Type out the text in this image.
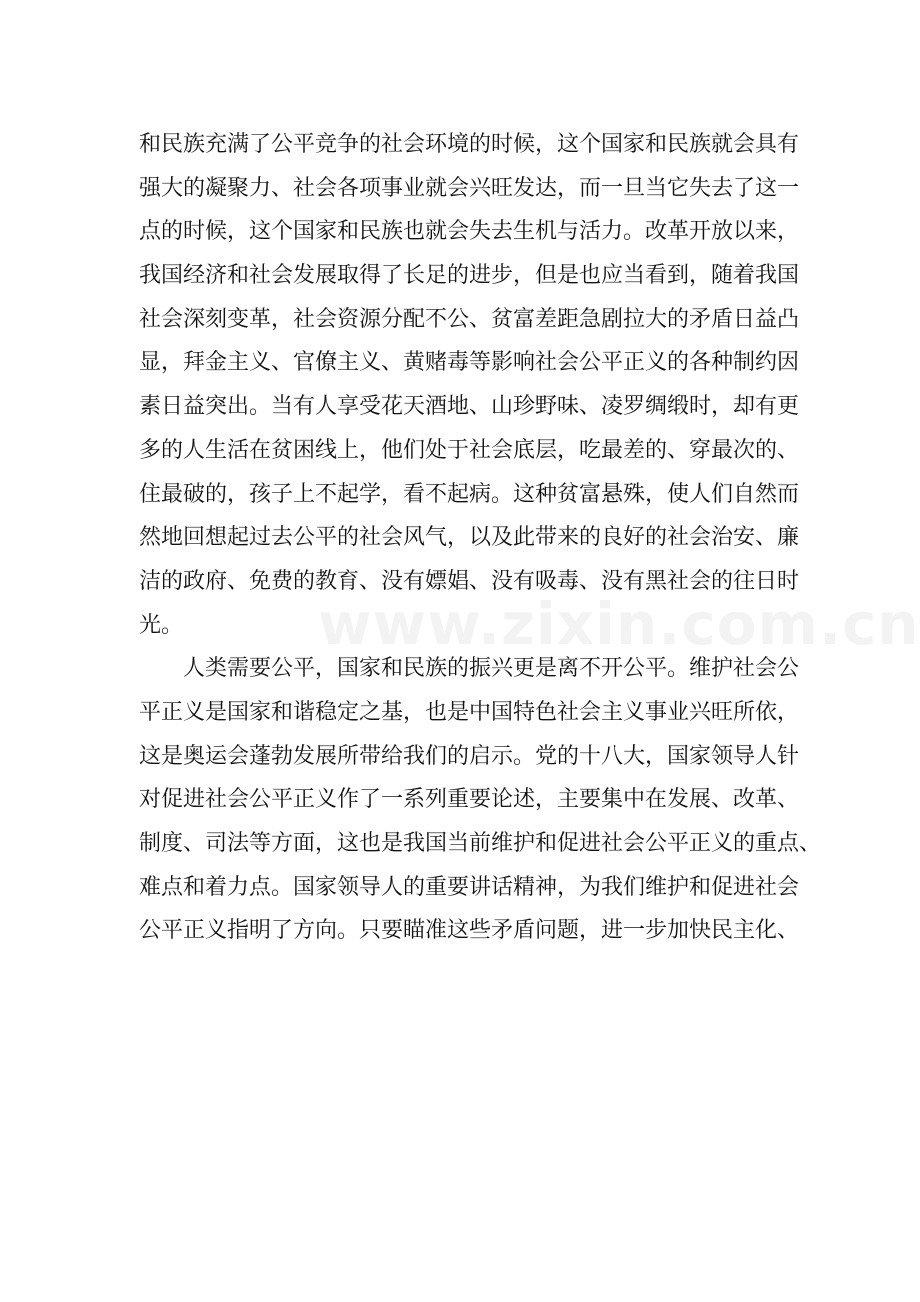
和民族充满了公平竞争的社会环境的时候，这个国家和民族就会具有
强大的凝聚力、社会各项事业就会兴旺发达，而一旦当它失去了这一
点的时候，这个国家和民族也就会失去生机与活力。改革开放以来，
我国经济和社会发展取得了长足的进步，但是也应当看到，随着我国
社会深刻变革，社会资源分配不公、贫富差距急剧拉大的矛盾日益凸
显，拜金主义、官僚主义、黄赌毒等影响社会公平正义的各种制约因
素日益突出。当有人享受花天酒地、山珍野味、凌罗绸缎时，却有更
多的人生活在贫困线上，他们处于社会底层，吃最差的、穿最次的、
住最破的，孩子上不起学，看不起病。这种贫富悬殊，使人们自然而
然地回想起过去公平的社会风气，以及此带来的良好的社会治安、廉
洁的政府、免费的教育、没有嫖娼、没有吸毒、没有黑社会的往日时
光。
人类需要公平，国家和民族的振兴更是离不开公平。维护社会公
平正义是国家和谐稳定之基，也是中国特色社会主义事业兴旺所依，
这是奥运会蓬勃发展所带给我们的启示。党的十八大，国家领导人针
对促进社会公平正义作了一系列重要论述，主要集中在发展、改革、
制度、司法等方面，这也是我国当前维护和促进社会公平正义的重点、
难点和着力点。国家领导人的重要讲话精神，为我们维护和促进社会
公平正义指明了方向。只要瞄准这些矛盾问题，进一步加快民主化、
